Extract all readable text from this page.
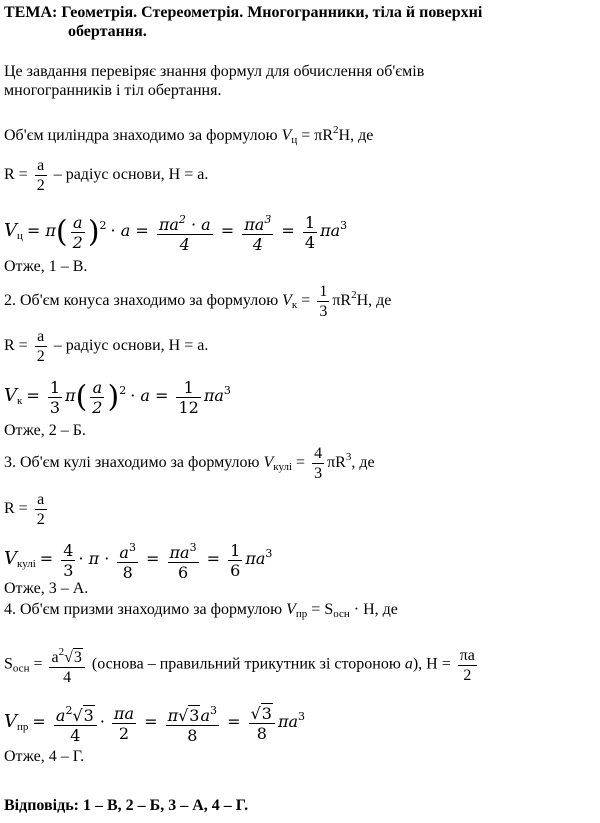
ТЕМА: Геометрія. Стереометрія. Многогранники, тіла й поверхні
обертання.
Це завдання перевіряє знання формул для обчислення об'ємів
многогранників і тіл обертання.
Об'єм циліндра знаходимо за формулою $V_ц = \pi R^2H$, де
$R = \frac{a}{2}$ – радіус основи, H = a.
$V_ц = \pi( \frac{a}{2} )^2 \cdot a = \frac{\pi a^2 \cdot a}{4} = \frac{\pi a^3}{4} = \frac{1}{4} \pi a^3$
Отже, 1 – В.
2. Об'єм конуса знаходимо за формулою $V_к = \frac{1}{3} \pi R^2H$, де
$R = \frac{a}{2}$ – радіус основи, H = a.
$V_к = \frac{1}{3} \pi( \frac{a}{2} )^2 \cdot a = \frac{1}{12} \pi a^3$
Отже, 2 – Б.
3. Об'єм кулі знаходимо за формулою $V_{кулі} = \frac{4}{3} \pi R^3$, де
$R = \frac{a}{2}$
$V_{кулі} = \frac{4}{3} \cdot \pi \cdot \frac{a^3}{8} = \frac{\pi a^3}{6} = \frac{1}{6} \pi a^3$
Отже, 3 – А.
4. Об'єм призми знаходимо за формулою $V_{пр} = S_{осн} \cdot H$, де
$S_{осн} = \frac{a^2√3}{4}$ (основа – правильний трикутник зі стороною a), $H = \frac{\pi a}{2}$
$V_{пр} = \frac{a^2√3}{4} \cdot \frac{\pi a}{2} = \frac{\pi√3a^3}{8} = \frac{√3}{8} \pi a^3$
Отже, 4 – Г.
Відповідь: 1 – В, 2 – Б, 3 – А, 4 – Г.
